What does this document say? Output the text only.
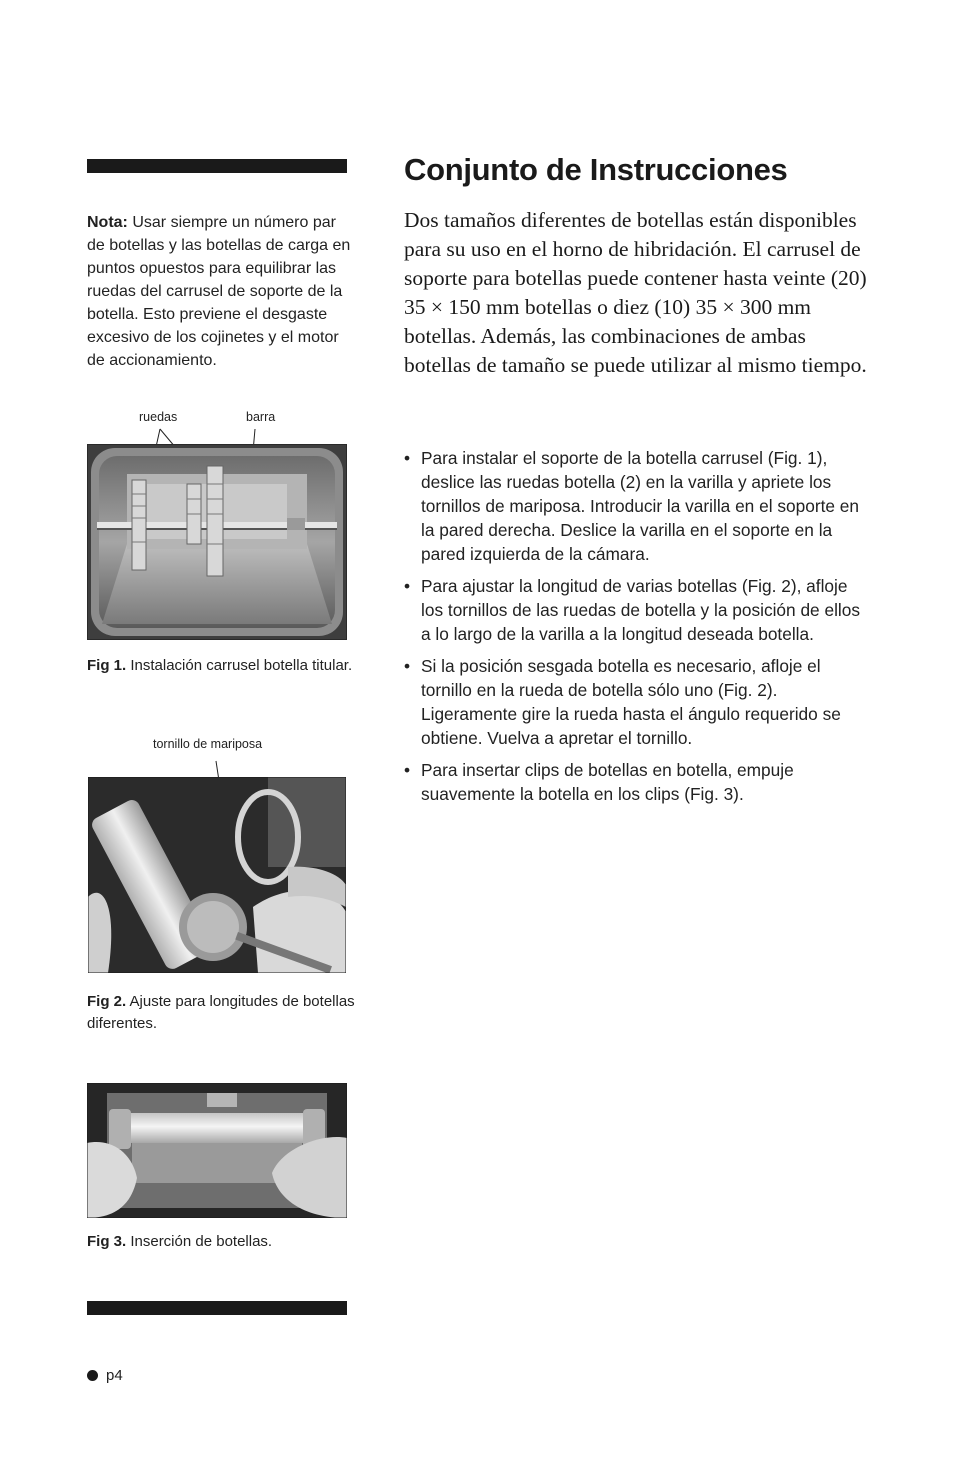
Nota: Usar siempre un número par de botellas y las botellas de carga en puntos opuestos para equilibrar las ruedas del carrusel de soporte de la botella. Esto previene el desgaste excesivo de los cojinetes y el motor de accionamiento.
ruedas	barra
Fig 1. Instalación carrusel botella titular.
tornillo de mariposa
Fig 2. Ajuste para longitudes de botellas diferentes.
Fig 3. Inserción de botellas.
Conjunto de Instrucciones

Dos tamaños diferentes de botellas están disponibles para su uso en el horno de hibridación. El carrusel de soporte para botellas puede contener hasta veinte (20) 35 × 150 mm botellas o diez (10) 35 × 300 mm botellas. Además, las combinaciones de ambas botellas de tamaño se puede utilizar al mismo tiempo.

• Para instalar el soporte de la botella carrusel (Fig. 1), deslice las ruedas botella (2) en la varilla y apriete los tornillos de mariposa. Introducir la varilla en el soporte en la pared derecha. Deslice la varilla en el soporte en la pared izquierda de la cámara.
• Para ajustar la longitud de varias botellas (Fig. 2), afloje los tornillos de las ruedas de botella y la posición de ellos a lo largo de la varilla a la longitud deseada botella.
• Si la posición sesgada botella es necesario, afloje el tornillo en la rueda de botella sólo uno (Fig. 2). Ligeramente gire la rueda hasta el ángulo requerido se obtiene. Vuelva a apretar el tornillo.
• Para insertar clips de botellas en botella, empuje suavemente la botella en los clips (Fig. 3).
p4
